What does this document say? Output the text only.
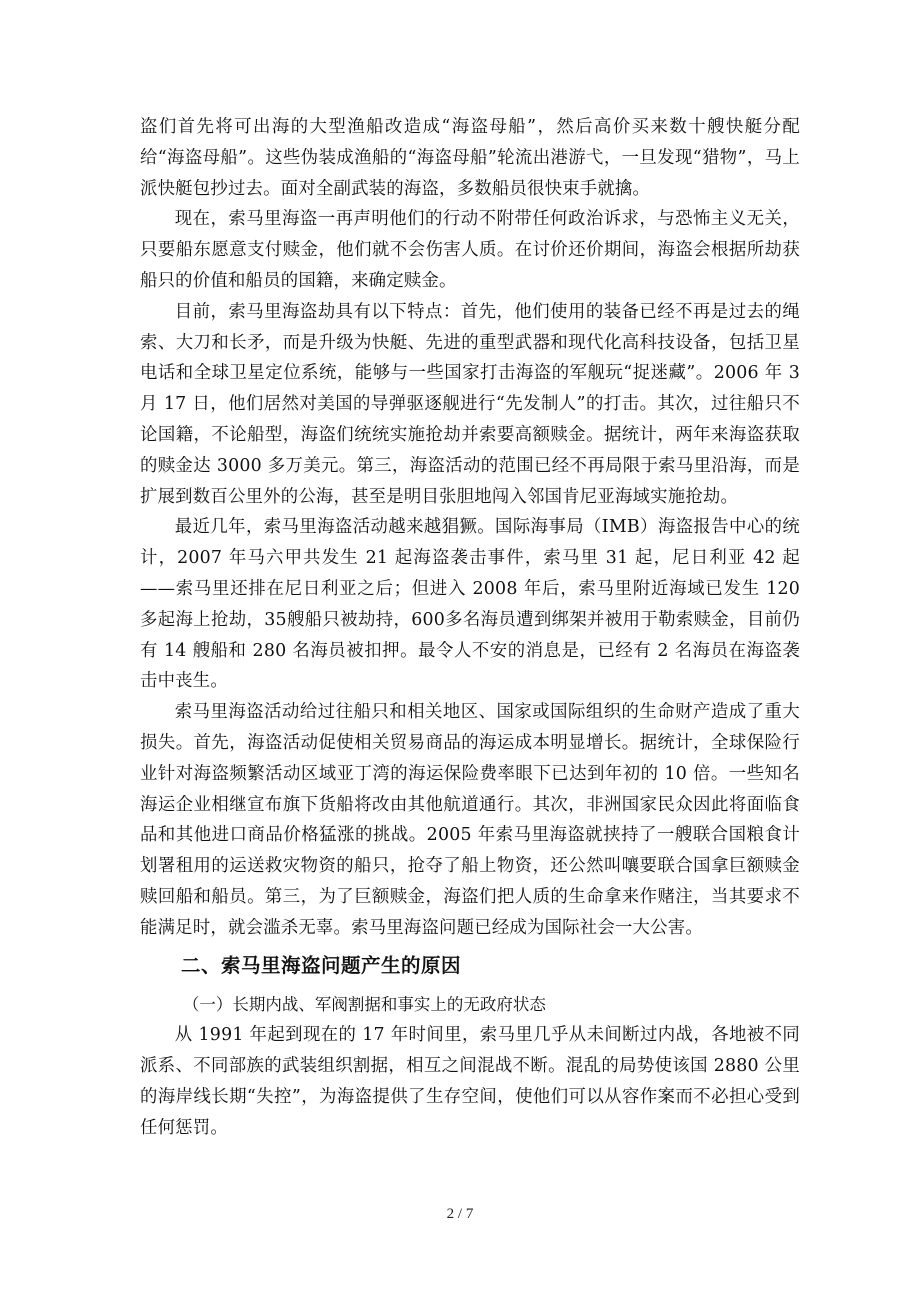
盗们首先将可出海的大型渔船改造成“海盗母船”，然后高价买来数十艘快艇分配给“海盗母船”。这些伪装成渔船的“海盗母船”轮流出港游弋，一旦发现“猎物”，马上派快艇包抄过去。面对全副武装的海盗，多数船员很快束手就擒。

现在，索马里海盗一再声明他们的行动不附带任何政治诉求，与恐怖主义无关，只要船东愿意支付赎金，他们就不会伤害人质。在讨价还价期间，海盗会根据所劫获船只的价值和船员的国籍，来确定赎金。

目前，索马里海盗劫具有以下特点：首先，他们使用的装备已经不再是过去的绳索、大刀和长矛，而是升级为快艇、先进的重型武器和现代化高科技设备，包括卫星电话和全球卫星定位系统，能够与一些国家打击海盗的军舰玩“捉迷藏”。2006 年 3 月 17 日，他们居然对美国的导弹驱逐舰进行“先发制人”的打击。其次，过往船只不论国籍，不论船型，海盗们统统实施抢劫并索要高额赎金。据统计，两年来海盗获取的赎金达 3000 多万美元。第三，海盗活动的范围已经不再局限于索马里沿海，而是扩展到数百公里外的公海，甚至是明目张胆地闯入邻国肯尼亚海域实施抢劫。

最近几年，索马里海盗活动越来越猖獗。国际海事局（IMB）海盗报告中心的统计，2007 年马六甲共发生 21 起海盗袭击事件，索马里 31 起，尼日利亚 42 起——索马里还排在尼日利亚之后；但进入 2008 年后，索马里附近海域已发生 120 多起海上抢劫，35艘船只被劫持，600多名海员遭到绑架并被用于勒索赎金，目前仍有 14 艘船和 280 名海员被扣押。最令人不安的消息是，已经有 2 名海员在海盗袭击中丧生。

索马里海盗活动给过往船只和相关地区、国家或国际组织的生命财产造成了重大损失。首先，海盗活动促使相关贸易商品的海运成本明显增长。据统计，全球保险行业针对海盗频繁活动区域亚丁湾的海运保险费率眼下已达到年初的 10 倍。一些知名海运企业相继宣布旗下货船将改由其他航道通行。其次，非洲国家民众因此将面临食品和其他进口商品价格猛涨的挑战。2005 年索马里海盗就挟持了一艘联合国粮食计划署租用的运送救灾物资的船只，抢夺了船上物资，还公然叫嚷要联合国拿巨额赎金赎回船和船员。第三，为了巨额赎金，海盗们把人质的生命拿来作赌注，当其要求不能满足时，就会滥杀无辜。索马里海盗问题已经成为国际社会一大公害。

二、索马里海盗问题产生的原因
（一）长期内战、军阀割据和事实上的无政府状态

从 1991 年起到现在的 17 年时间里，索马里几乎从未间断过内战，各地被不同派系、不同部族的武装组织割据，相互之间混战不断。混乱的局势使该国 2880 公里的海岸线长期“失控”，为海盗提供了生存空间，使他们可以从容作案而不必担心受到任何惩罚。

2 / 7
